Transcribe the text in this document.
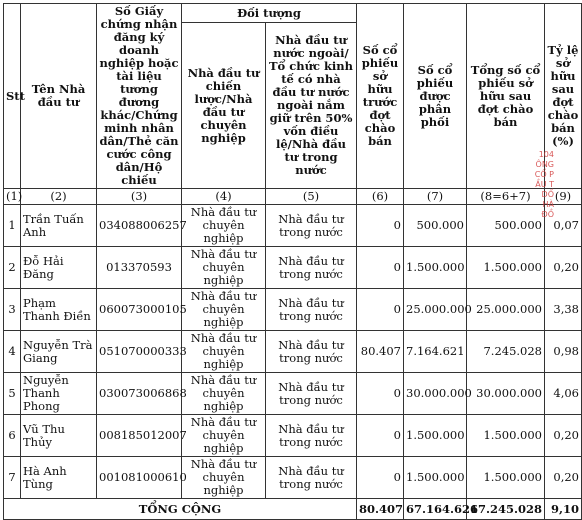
Stt	Tên Nhà đầu tư	Số Giấy chứng nhận đăng ký doanh nghiệp hoặc tài liệu tương đương khác/Chứng minh nhân dân/Thẻ căn cước công dân/Hộ chiếu	Đối tượng		Số cổ phiếu sở hữu trước đợt chào bán	Số cổ phiếu được phân phối	Tổng số cổ phiếu sở hữu sau đợt chào bán	Tỷ lệ sở hữu sau đợt chào bán (%)
			Nhà đầu tư chiến lược/Nhà đầu tư chuyên nghiệp	Nhà đầu tư nước ngoài/ Tổ chức kinh tế có nhà đầu tư nước ngoài nắm giữ trên 50% vốn điều lệ/Nhà đầu tư trong nước				
(1)	(2)	(3)	(4)	(5)	(6)	(7)	(8=6+7)	(9)
1	Trần Tuấn Anh	034088006257	Nhà đầu tư chuyên nghiệp	Nhà đầu tư trong nước	0	500.000	500.000	0,07
2	Đỗ Hải Đăng	013370593	Nhà đầu tư chuyên nghiệp	Nhà đầu tư trong nước	0	1.500.000	1.500.000	0,20
3	Phạm Thanh Điền	060073000105	Nhà đầu tư chuyên nghiệp	Nhà đầu tư trong nước	0	25.000.000	25.000.000	3,38
4	Nguyễn Trà Giang	051070000333	Nhà đầu tư chuyên nghiệp	Nhà đầu tư trong nước	80.407	7.164.621	7.245.028	0,98
5	Nguyễn Thanh Phong	030073006868	Nhà đầu tư chuyên nghiệp	Nhà đầu tư trong nước	0	30.000.000	30.000.000	4,06
6	Vũ Thu Thủy	008185012007	Nhà đầu tư chuyên nghiệp	Nhà đầu tư trong nước	0	1.500.000	1.500.000	0,20
7	Hà Anh Tùng	001081000610	Nhà đầu tư chuyên nghiệp	Nhà đầu tư trong nước	0	1.500.000	1.500.000	0,20
TỔNG CỘNG					80.407	67.164.621	67.245.028	9,10
104
ÔNG
CỔ P
ẦU T
DỐ
HÀ
ĐỒ
